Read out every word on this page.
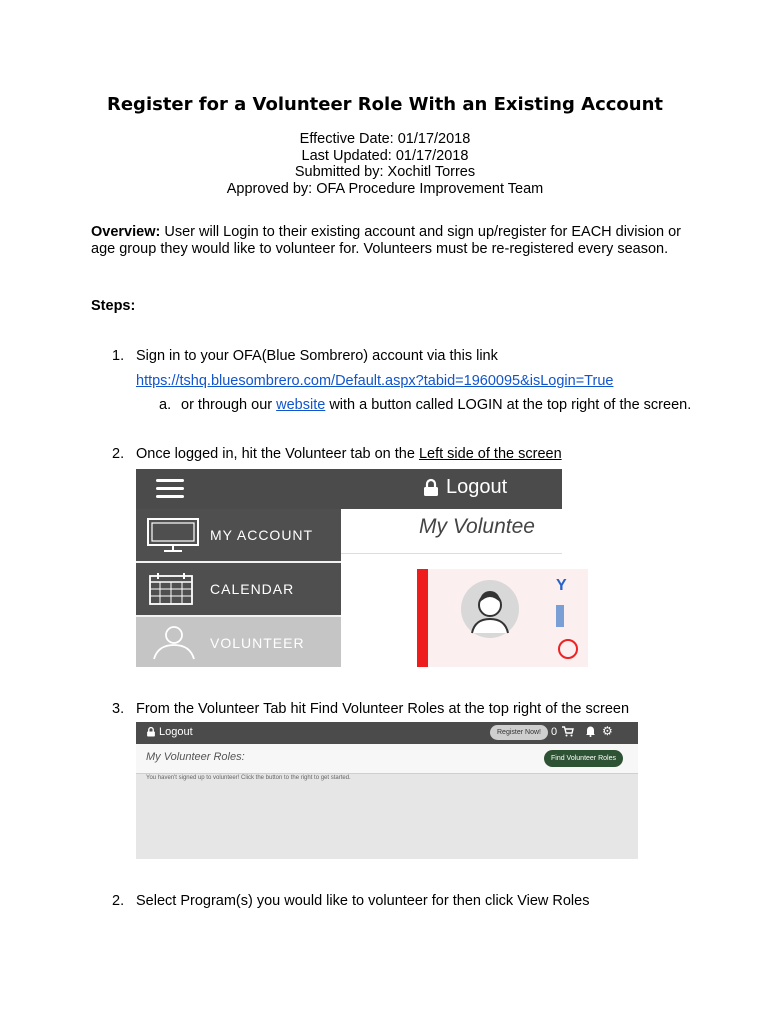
Register for a Volunteer Role With an Existing Account
Effective Date: 01/17/2018
Last Updated: 01/17/2018
Submitted by: Xochitl Torres
Approved by: OFA Procedure Improvement Team
Overview: User will Login to their existing account and sign up/register for EACH division or age group they would like to volunteer for. Volunteers must be re-registered every season.
Steps:
1. Sign in to your OFA(Blue Sombrero) account via this link
https://tshq.bluesombrero.com/Default.aspx?tabid=1960095&isLogin=True
a. or through our website with a button called LOGIN at the top right of the screen.
2. Once logged in, hit the Volunteer tab on the Left side of the screen
Logout
MY ACCOUNT
CALENDAR
VOLUNTEER
My Voluntee
Y
3. From the Volunteer Tab hit Find Volunteer Roles at the top right of the screen
Logout	Register Now! 0	⚙
My Volunteer Roles:	Find Volunteer Roles
You haven't signed up to volunteer! Click the button to the right to get started.
2. Select Program(s) you would like to volunteer for then click View Roles
